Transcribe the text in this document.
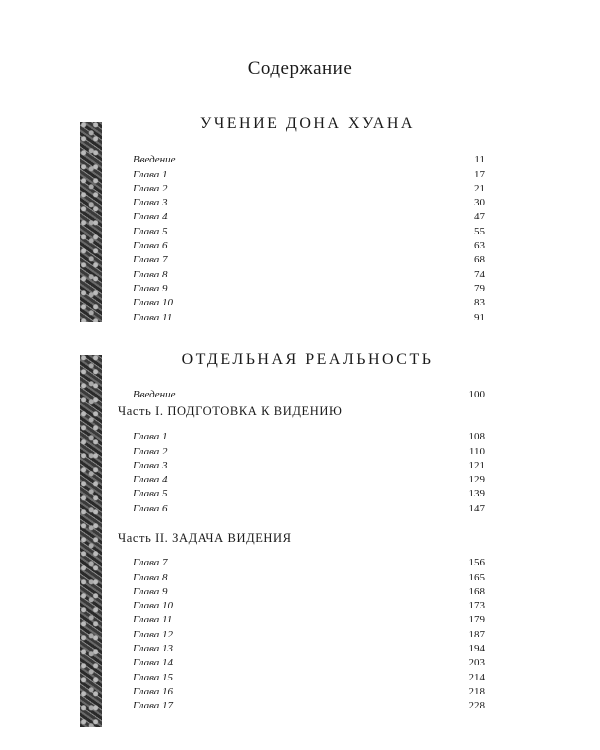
Содержание
УЧЕНИЕ ДОНА ХУАНА
Введение	11
Глава 1	17
Глава 2	21
Глава 3	30
Глава 4	47
Глава 5	55
Глава 6	63
Глава 7	68
Глава 8	74
Глава 9	79
Глава 10	83
Глава 11	91
ОТДЕЛЬНАЯ РЕАЛЬНОСТЬ
Введение	100
Часть I. ПОДГОТОВКА К ВИДЕНИЮ
Глава 1	108
Глава 2	110
Глава 3	121
Глава 4	129
Глава 5	139
Глава 6	147
Часть II. ЗАДАЧА ВИДЕНИЯ
Глава 7	156
Глава 8	165
Глава 9	168
Глава 10	173
Глава 11	179
Глава 12	187
Глава 13	194
Глава 14	203
Глава 15	214
Глава 16	218
Глава 17	228
